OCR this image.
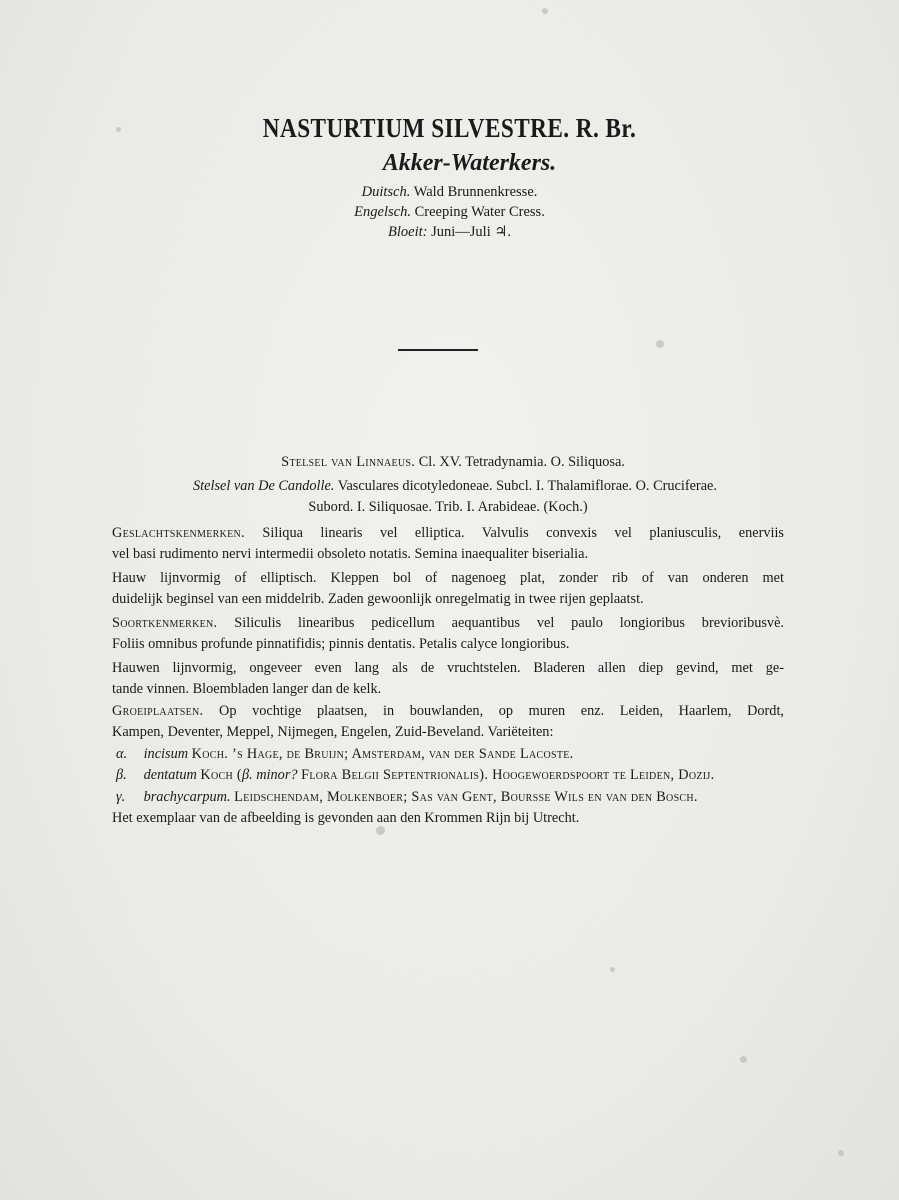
NASTURTIUM SILVESTRE. R. Br.

Akker-Waterkers.

Duitsch. Wald Brunnenkresse.

Engelsch. Creeping Water Cress.

Bloeit: Juni—Juli ♃.

Stelsel van Linnaeus. Cl. XV. Tetradynamia. O. Siliquosa.

Stelsel van De Candolle. Vasculares dicotyledoneae. Subcl. I. Thalamiflorae. O. Cruciferae.

Subord. I. Siliquosae. Trib. I. Arabideae. (Koch.)

Geslachtskenmerken. Siliqua linearis vel elliptica. Valvulis convexis vel planiusculis, enerviis

vel basi rudimento nervi intermedii obsoleto notatis. Semina inaequaliter biserialia.

Hauw lijnvormig of elliptisch. Kleppen bol of nagenoeg plat, zonder rib of van onderen met

duidelijk beginsel van een middelrib. Zaden gewoonlijk onregelmatig in twee rijen geplaatst.

Soortkenmerken. Siliculis linearibus pedicellum aequantibus vel paulo longioribus brevioribusvè.

Foliis omnibus profunde pinnatifidis; pinnis dentatis. Petalis calyce longioribus.

Hauwen lijnvormig, ongeveer even lang als de vruchtstelen. Bladeren allen diep gevind, met ge-

tande vinnen. Bloembladen langer dan de kelk.

Groeiplaatsen. Op vochtige plaatsen, in bouwlanden, op muren enz. Leiden, Haarlem, Dordt,

Kampen, Deventer, Meppel, Nijmegen, Engelen, Zuid-Beveland. Variëteiten:

α. incisum Koch. ’s Hage, de Bruijn; Amsterdam, van der Sande Lacoste.

β. dentatum Koch (β. minor? Flora Belgii Septentrionalis). Hoogewoerdspoort te Leiden, Dozij.

γ. brachycarpum. Leidschendam, Molkenboer; Sas van Gent, Boursse Wils en van den Bosch.

Het exemplaar van de afbeelding is gevonden aan den Krommen Rijn bij Utrecht.
